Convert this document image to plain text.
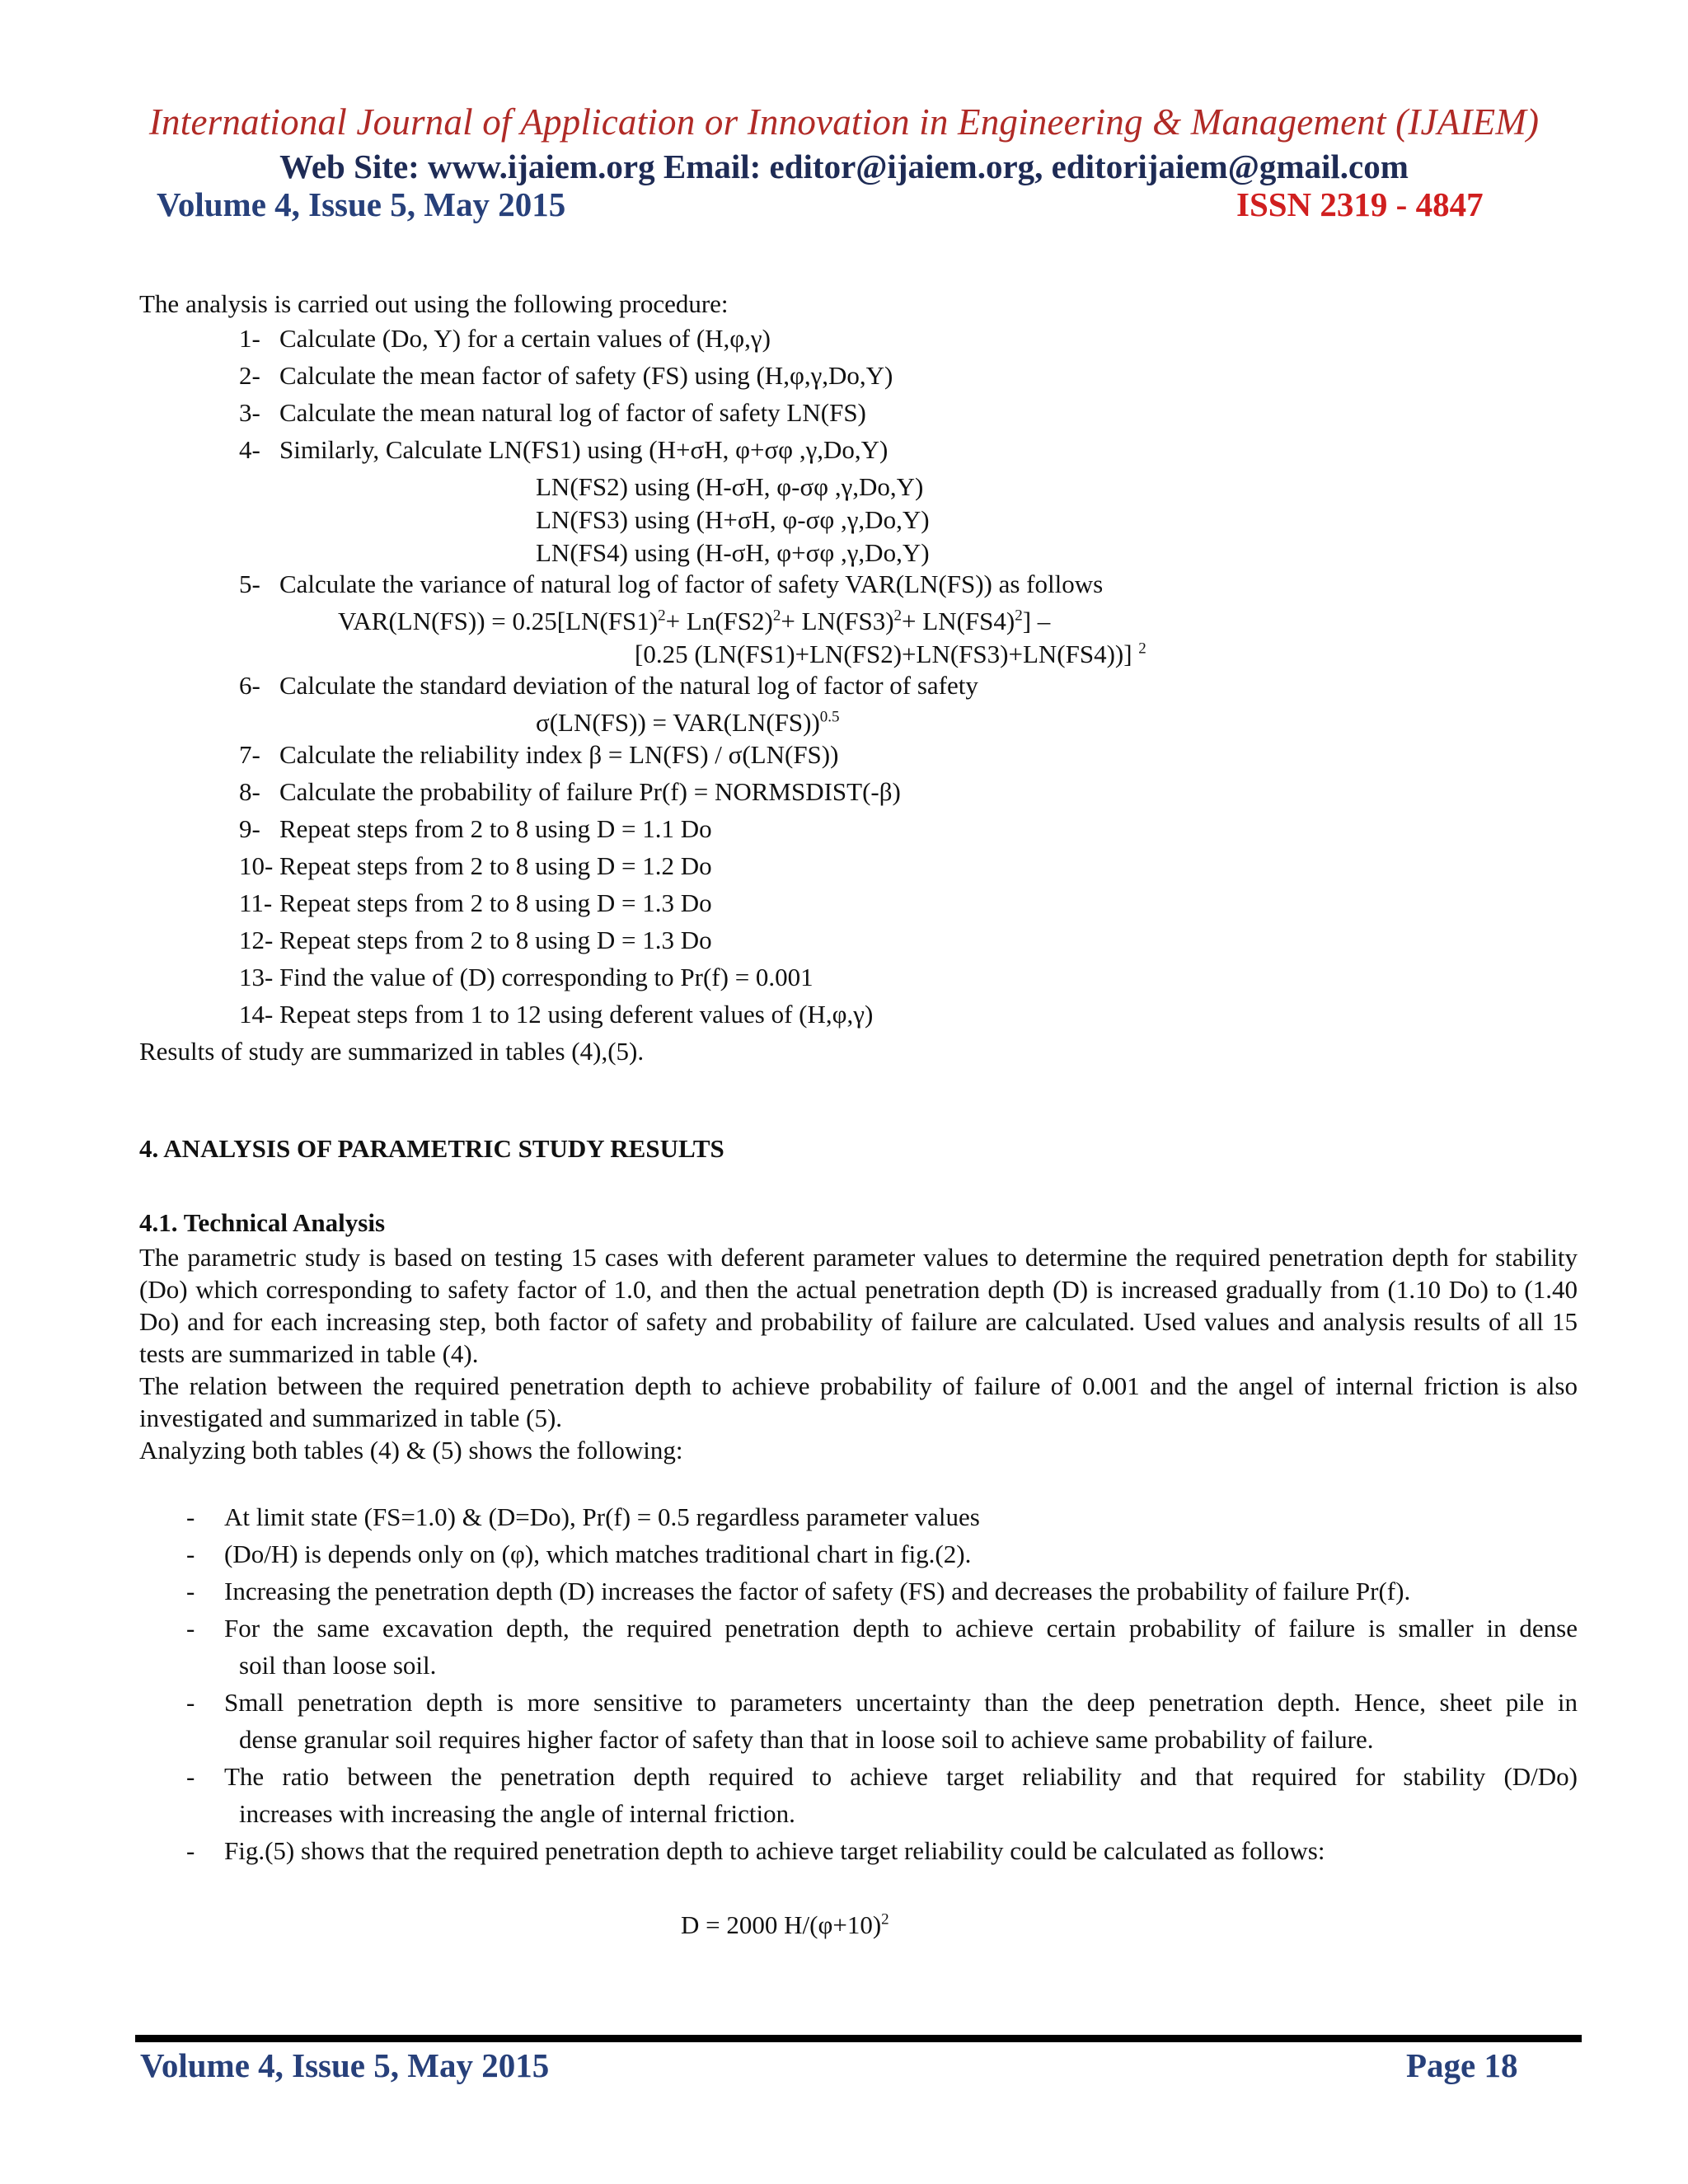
International Journal of Application or Innovation in Engineering & Management (IJAIEM)
Web Site: www.ijaiem.org Email: editor@ijaiem.org, editorijaiem@gmail.com
Volume 4, Issue 5, May 2015	ISSN 2319 - 4847
The analysis is carried out using the following procedure:
1- Calculate (Do, Y) for a certain values of (H,φ,γ)
2- Calculate the mean factor of safety (FS) using (H,φ,γ,Do,Y)
3- Calculate the mean natural log of factor of safety LN(FS)
4- Similarly, Calculate LN(FS1) using (H+σH, φ+σφ ,γ,Do,Y)
LN(FS2) using (H-σH, φ-σφ ,γ,Do,Y)
LN(FS3) using (H+σH, φ-σφ ,γ,Do,Y)
LN(FS4) using (H-σH, φ+σφ ,γ,Do,Y)
5- Calculate the variance of natural log of factor of safety VAR(LN(FS)) as follows
$VAR(LN(FS)) = 0.25[LN(FS1)^2+ Ln(FS2)^2+ LN(FS3)^2+ LN(FS4)^2]$ –
[0.25 (LN(FS1)+LN(FS2)+LN(FS3)+LN(FS4))] $^2$
6- Calculate the standard deviation of the natural log of factor of safety
$\sigma(LN(FS)) = VAR(LN(FS))^{0.5}$
7- Calculate the reliability index β = LN(FS) / σ(LN(FS))
8- Calculate the probability of failure Pr(f) = NORMSDIST(-β)
9- Repeat steps from 2 to 8 using D = 1.1 Do
10- Repeat steps from 2 to 8 using D = 1.2 Do
11- Repeat steps from 2 to 8 using D = 1.3 Do
12- Repeat steps from 2 to 8 using D = 1.3 Do
13- Find the value of (D) corresponding to Pr(f) = 0.001
14- Repeat steps from 1 to 12 using deferent values of (H,φ,γ)
Results of study are summarized in tables (4),(5).
4. ANALYSIS OF PARAMETRIC STUDY RESULTS
4.1. Technical Analysis
The parametric study is based on testing 15 cases with deferent parameter values to determine the required penetration depth for stability (Do) which corresponding to safety factor of 1.0, and then the actual penetration depth (D) is increased gradually from (1.10 Do) to (1.40 Do) and for each increasing step, both factor of safety and probability of failure are calculated. Used values and analysis results of all 15 tests are summarized in table (4).
The relation between the required penetration depth to achieve probability of failure of 0.001 and the angel of internal friction is also investigated and summarized in table (5).
Analyzing both tables (4) & (5) shows the following:
- At limit state (FS=1.0) & (D=Do), Pr(f) = 0.5 regardless parameter values
- (Do/H) is depends only on (φ), which matches traditional chart in fig.(2).
- Increasing the penetration depth (D) increases the factor of safety (FS) and decreases the probability of failure Pr(f).
- For the same excavation depth, the required penetration depth to achieve certain probability of failure is smaller in dense
soil than loose soil.
- Small penetration depth is more sensitive to parameters uncertainty than the deep penetration depth. Hence, sheet pile in
dense granular soil requires higher factor of safety than that in loose soil to achieve same probability of failure.
- The ratio between the penetration depth required to achieve target reliability and that required for stability (D/Do)
increases with increasing the angle of internal friction.
- Fig.(5) shows that the required penetration depth to achieve target reliability could be calculated as follows:
D = 2000 $H/(\varphi+10)^2$
Volume 4, Issue 5, May 2015	Page 18
